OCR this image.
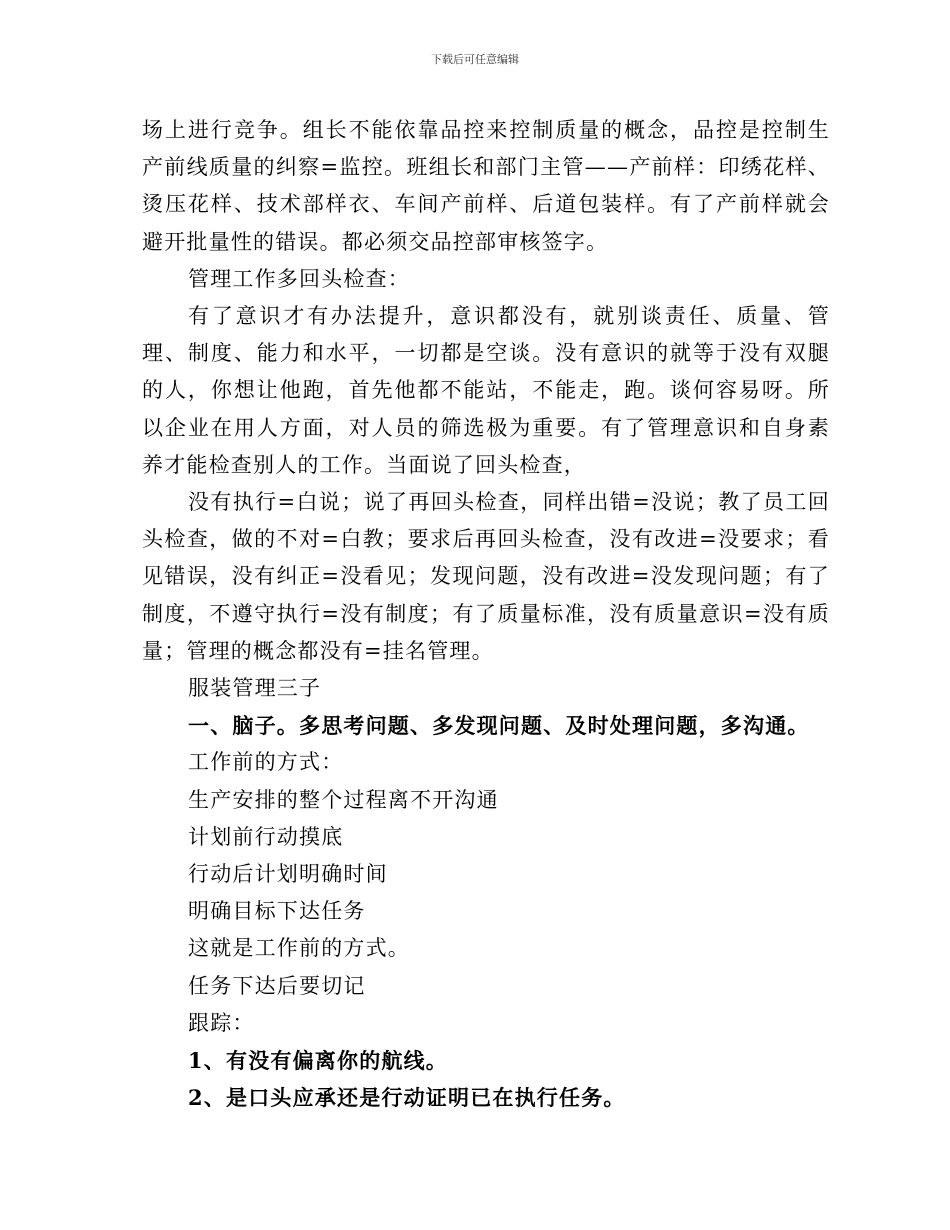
下载后可任意编辑

场上进行竞争。组长不能依靠品控来控制质量的概念，品控是控制生产前线质量的纠察=监控。班组长和部门主管——产前样：印绣花样、烫压花样、技术部样衣、车间产前样、后道包装样。有了产前样就会避开批量性的错误。都必须交品控部审核签字。

管理工作多回头检查：

有了意识才有办法提升，意识都没有，就别谈责任、质量、管理、制度、能力和水平，一切都是空谈。没有意识的就等于没有双腿的人，你想让他跑，首先他都不能站，不能走，跑。谈何容易呀。所以企业在用人方面，对人员的筛选极为重要。有了管理意识和自身素养才能检查别人的工作。当面说了回头检查，

没有执行=白说；说了再回头检查，同样出错=没说；教了员工回头检查，做的不对=白教；要求后再回头检查，没有改进=没要求；看见错误，没有纠正=没看见；发现问题，没有改进=没发现问题；有了制度，不遵守执行=没有制度；有了质量标准，没有质量意识=没有质量；管理的概念都没有=挂名管理。

服装管理三子

一、脑子。多思考问题、多发现问题、及时处理问题，多沟通。

工作前的方式：

生产安排的整个过程离不开沟通

计划前行动摸底

行动后计划明确时间

明确目标下达任务

这就是工作前的方式。

任务下达后要切记

跟踪：

1、有没有偏离你的航线。

2、是口头应承还是行动证明已在执行任务。
